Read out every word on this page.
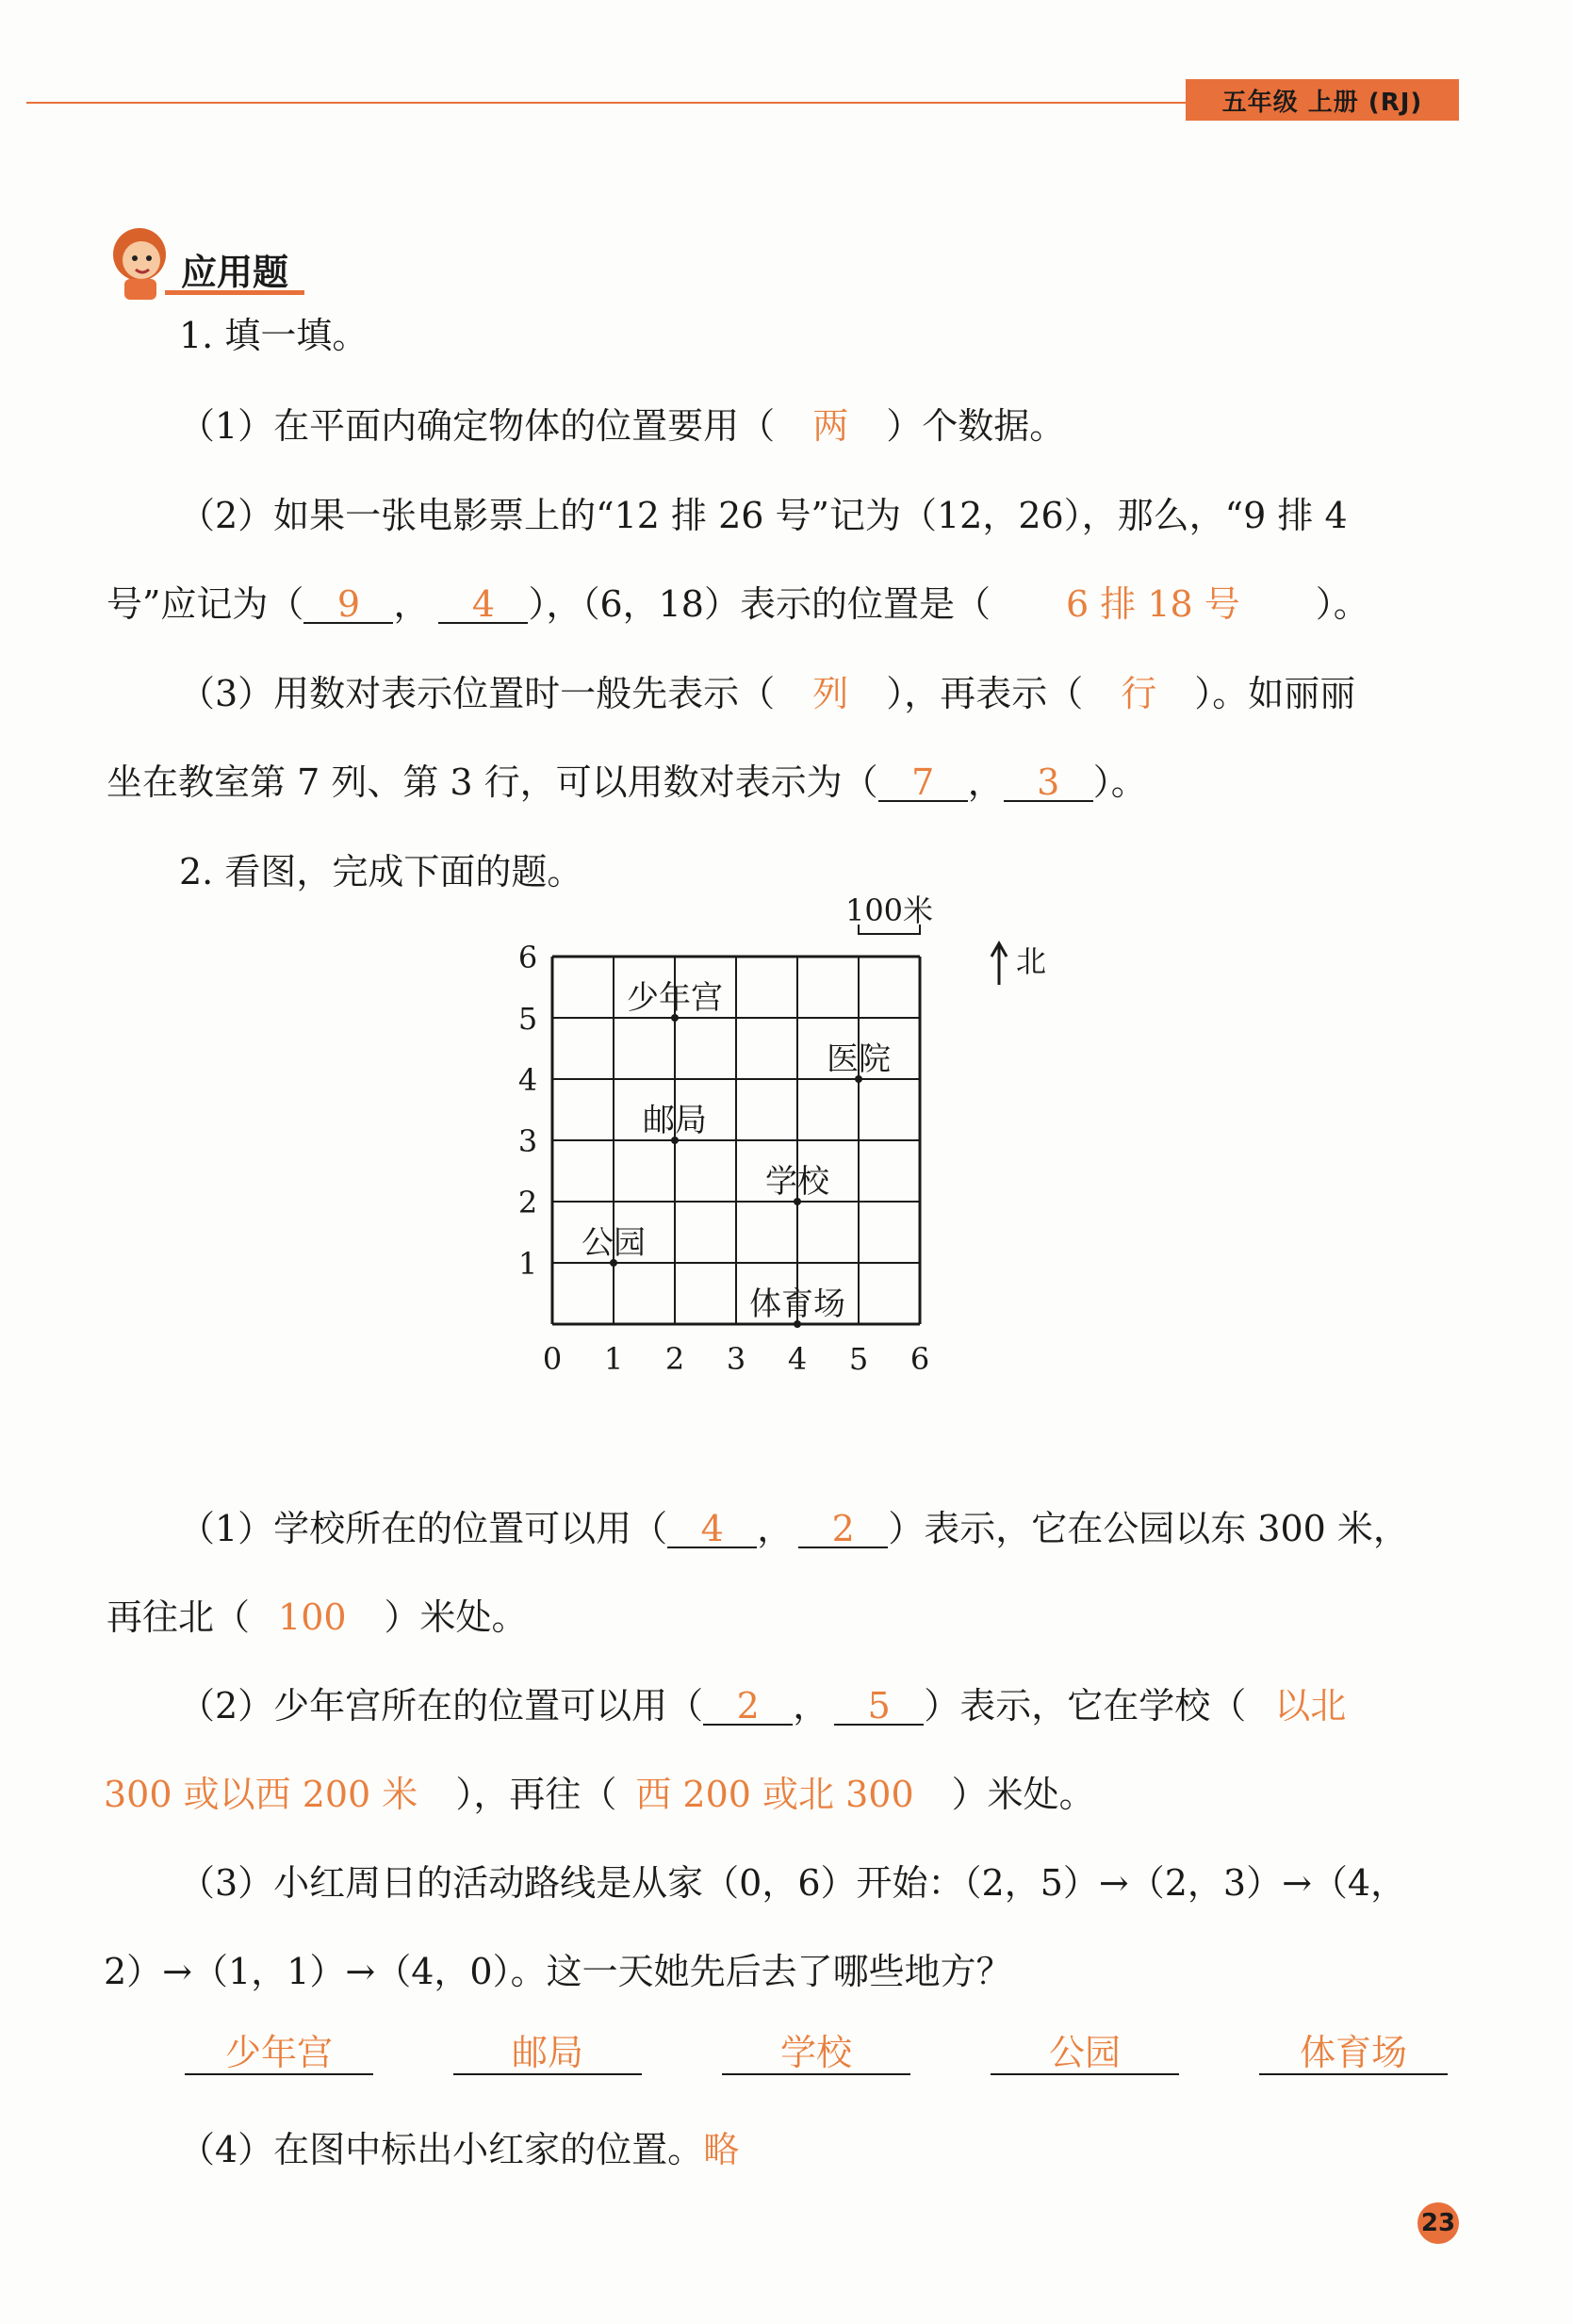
五年级 上册 (RJ)
应用题
1. 填一填。
（1）在平面内确定物体的位置要用（ 两 ）个数据。
（2）如果一张电影票上的“12 排 26 号”记为（12，26），那么，“9 排 4
号”应记为（ 9 ， 4 ），（6，18）表示的位置是（ 6 排 18 号 ）。
（3）用数对表示位置时一般先表示（ 列 ），再表示（ 行 ）。如丽丽
坐在教室第 7 列、第 3 行，可以用数对表示为（ 7 ， 3 ）。
2. 看图，完成下面的题。
0 1 2 3 4 5 6
1
2
3
4
5
6
少年宫
医院
邮局
学校
公园
体育场
100米
北
（1）学校所在的位置可以用（ 4 ， 2 ）表示，它在公园以东 300 米，
再往北（ 100 ）米处。
（2）少年宫所在的位置可以用（ 2 ， 5 ）表示，它在学校（ 以北
300 或以西 200 米 ），再往（ 西 200 或北 300 ）米处。
（3）小红周日的活动路线是从家（0，6）开始：（2，5）→（2，3）→（4，
2）→（1，1）→（4，0）。这一天她先后去了哪些地方？
少年宫	邮局	学校	公园	体育场
（4）在图中标出小红家的位置。略
23
